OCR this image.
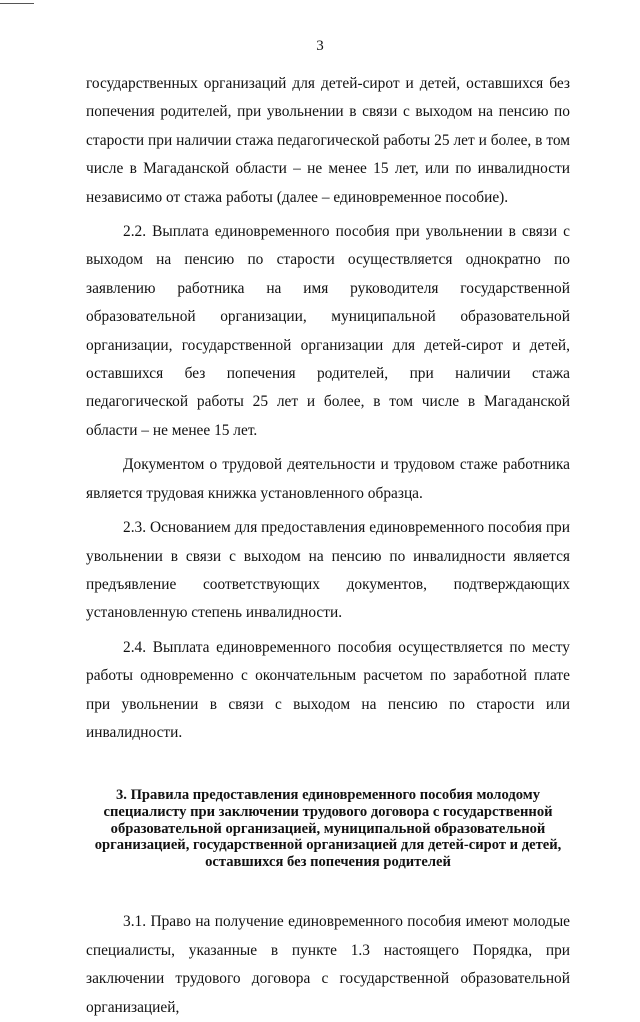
3

государственных организаций для детей-сирот и детей, оставшихся без попечения родителей, при увольнении в связи с выходом на пенсию по старости при наличии стажа педагогической работы 25 лет и более, в том числе в Магаданской области – не менее 15 лет, или по инвалидности независимо от стажа работы (далее – единовременное пособие).

2.2. Выплата единовременного пособия при увольнении в связи с выходом на пенсию по старости осуществляется однократно по заявлению работника на имя руководителя государственной образовательной организации, муниципальной образовательной организации, государственной организации для детей-сирот и детей, оставшихся без попечения родителей, при наличии стажа педагогической работы 25 лет и более, в том числе в Магаданской области – не менее 15 лет.

Документом о трудовой деятельности и трудовом стаже работника является трудовая книжка установленного образца.

2.3. Основанием для предоставления единовременного пособия при увольнении в связи с выходом на пенсию по инвалидности является предъявление соответствующих документов, подтверждающих установленную степень инвалидности.

2.4. Выплата единовременного пособия осуществляется по месту работы одновременно с окончательным расчетом по заработной плате при увольнении в связи с выходом на пенсию по старости или инвалидности.

3. Правила предоставления единовременного пособия молодому
специалисту при заключении трудового договора с государственной
образовательной организацией, муниципальной образовательной
организацией, государственной организацией для детей-сирот и детей,
оставшихся без попечения родителей

3.1. Право на получение единовременного пособия имеют молодые специалисты, указанные в пункте 1.3 настоящего Порядка, при заключении трудового договора с государственной образовательной организацией,
